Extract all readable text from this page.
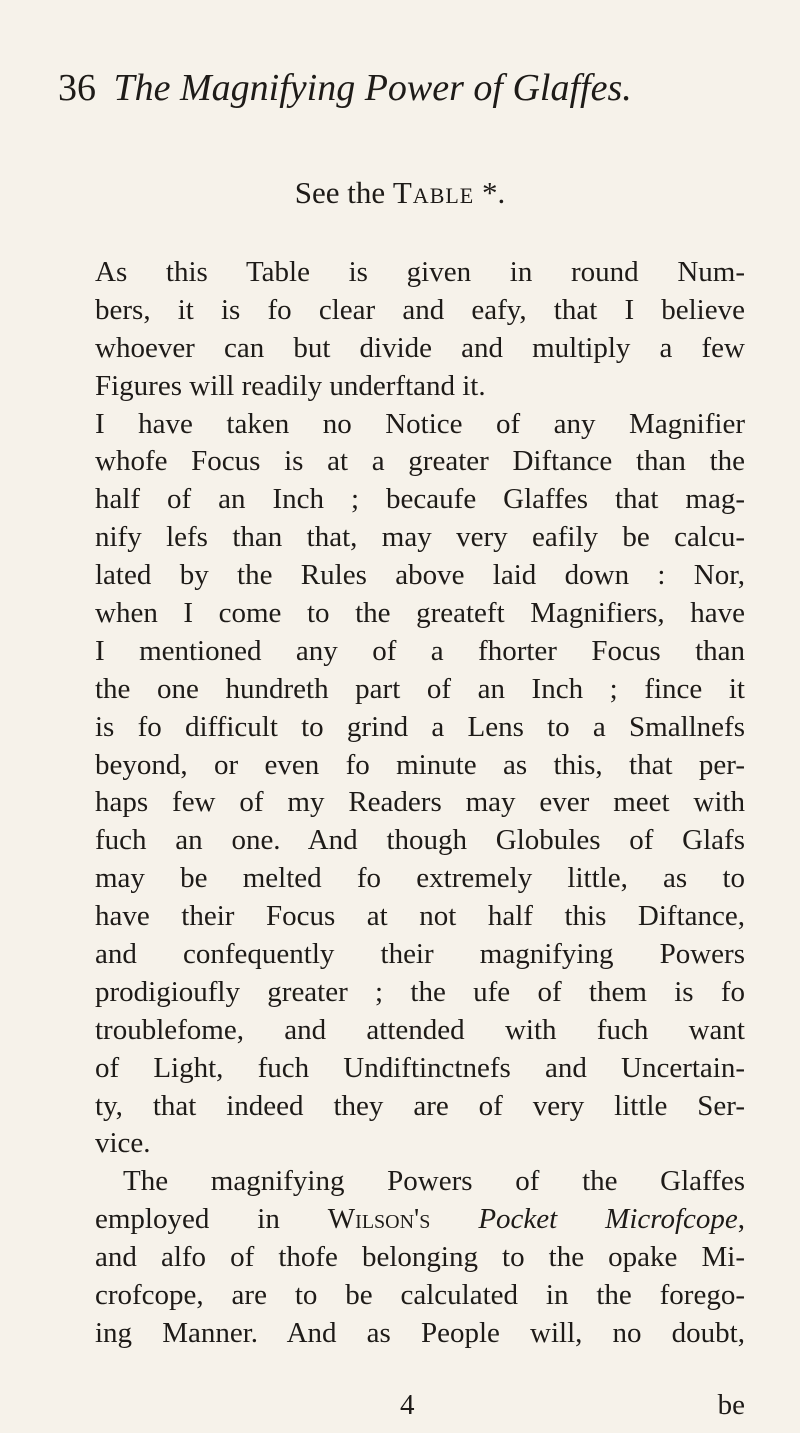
36 The Magnifying Power of Glaffes.
See the Table *.
As this Table is given in round Num-
bers, it is fo clear and eafy, that I believe
whoever can but divide and multiply a few
Figures will readily underftand it.
I have taken no Notice of any Magnifier
whofe Focus is at a greater Diftance than the
half of an Inch ; becaufe Glaffes that mag-
nify lefs than that, may very eafily be calcu-
lated by the Rules above laid down : Nor,
when I come to the greateft Magnifiers, have
I mentioned any of a fhorter Focus than
the one hundreth part of an Inch ; fince it
is fo difficult to grind a Lens to a Smallnefs
beyond, or even fo minute as this, that per-
haps few of my Readers may ever meet with
fuch an one. And though Globules of Glafs
may be melted fo extremely little, as to
have their Focus at not half this Diftance,
and confequently their magnifying Powers
prodigioufly greater ; the ufe of them is fo
troublefome, and attended with fuch want
of Light, fuch Undiftinctnefs and Uncertain-
ty, that indeed they are of very little Ser-
vice.
The magnifying Powers of the Glaffes
employed in Wilson's Pocket Microfcope,
and alfo of thofe belonging to the opake Mi-
crofcope, are to be calculated in the forego-
ing Manner. And as People will, no doubt,
4	be
